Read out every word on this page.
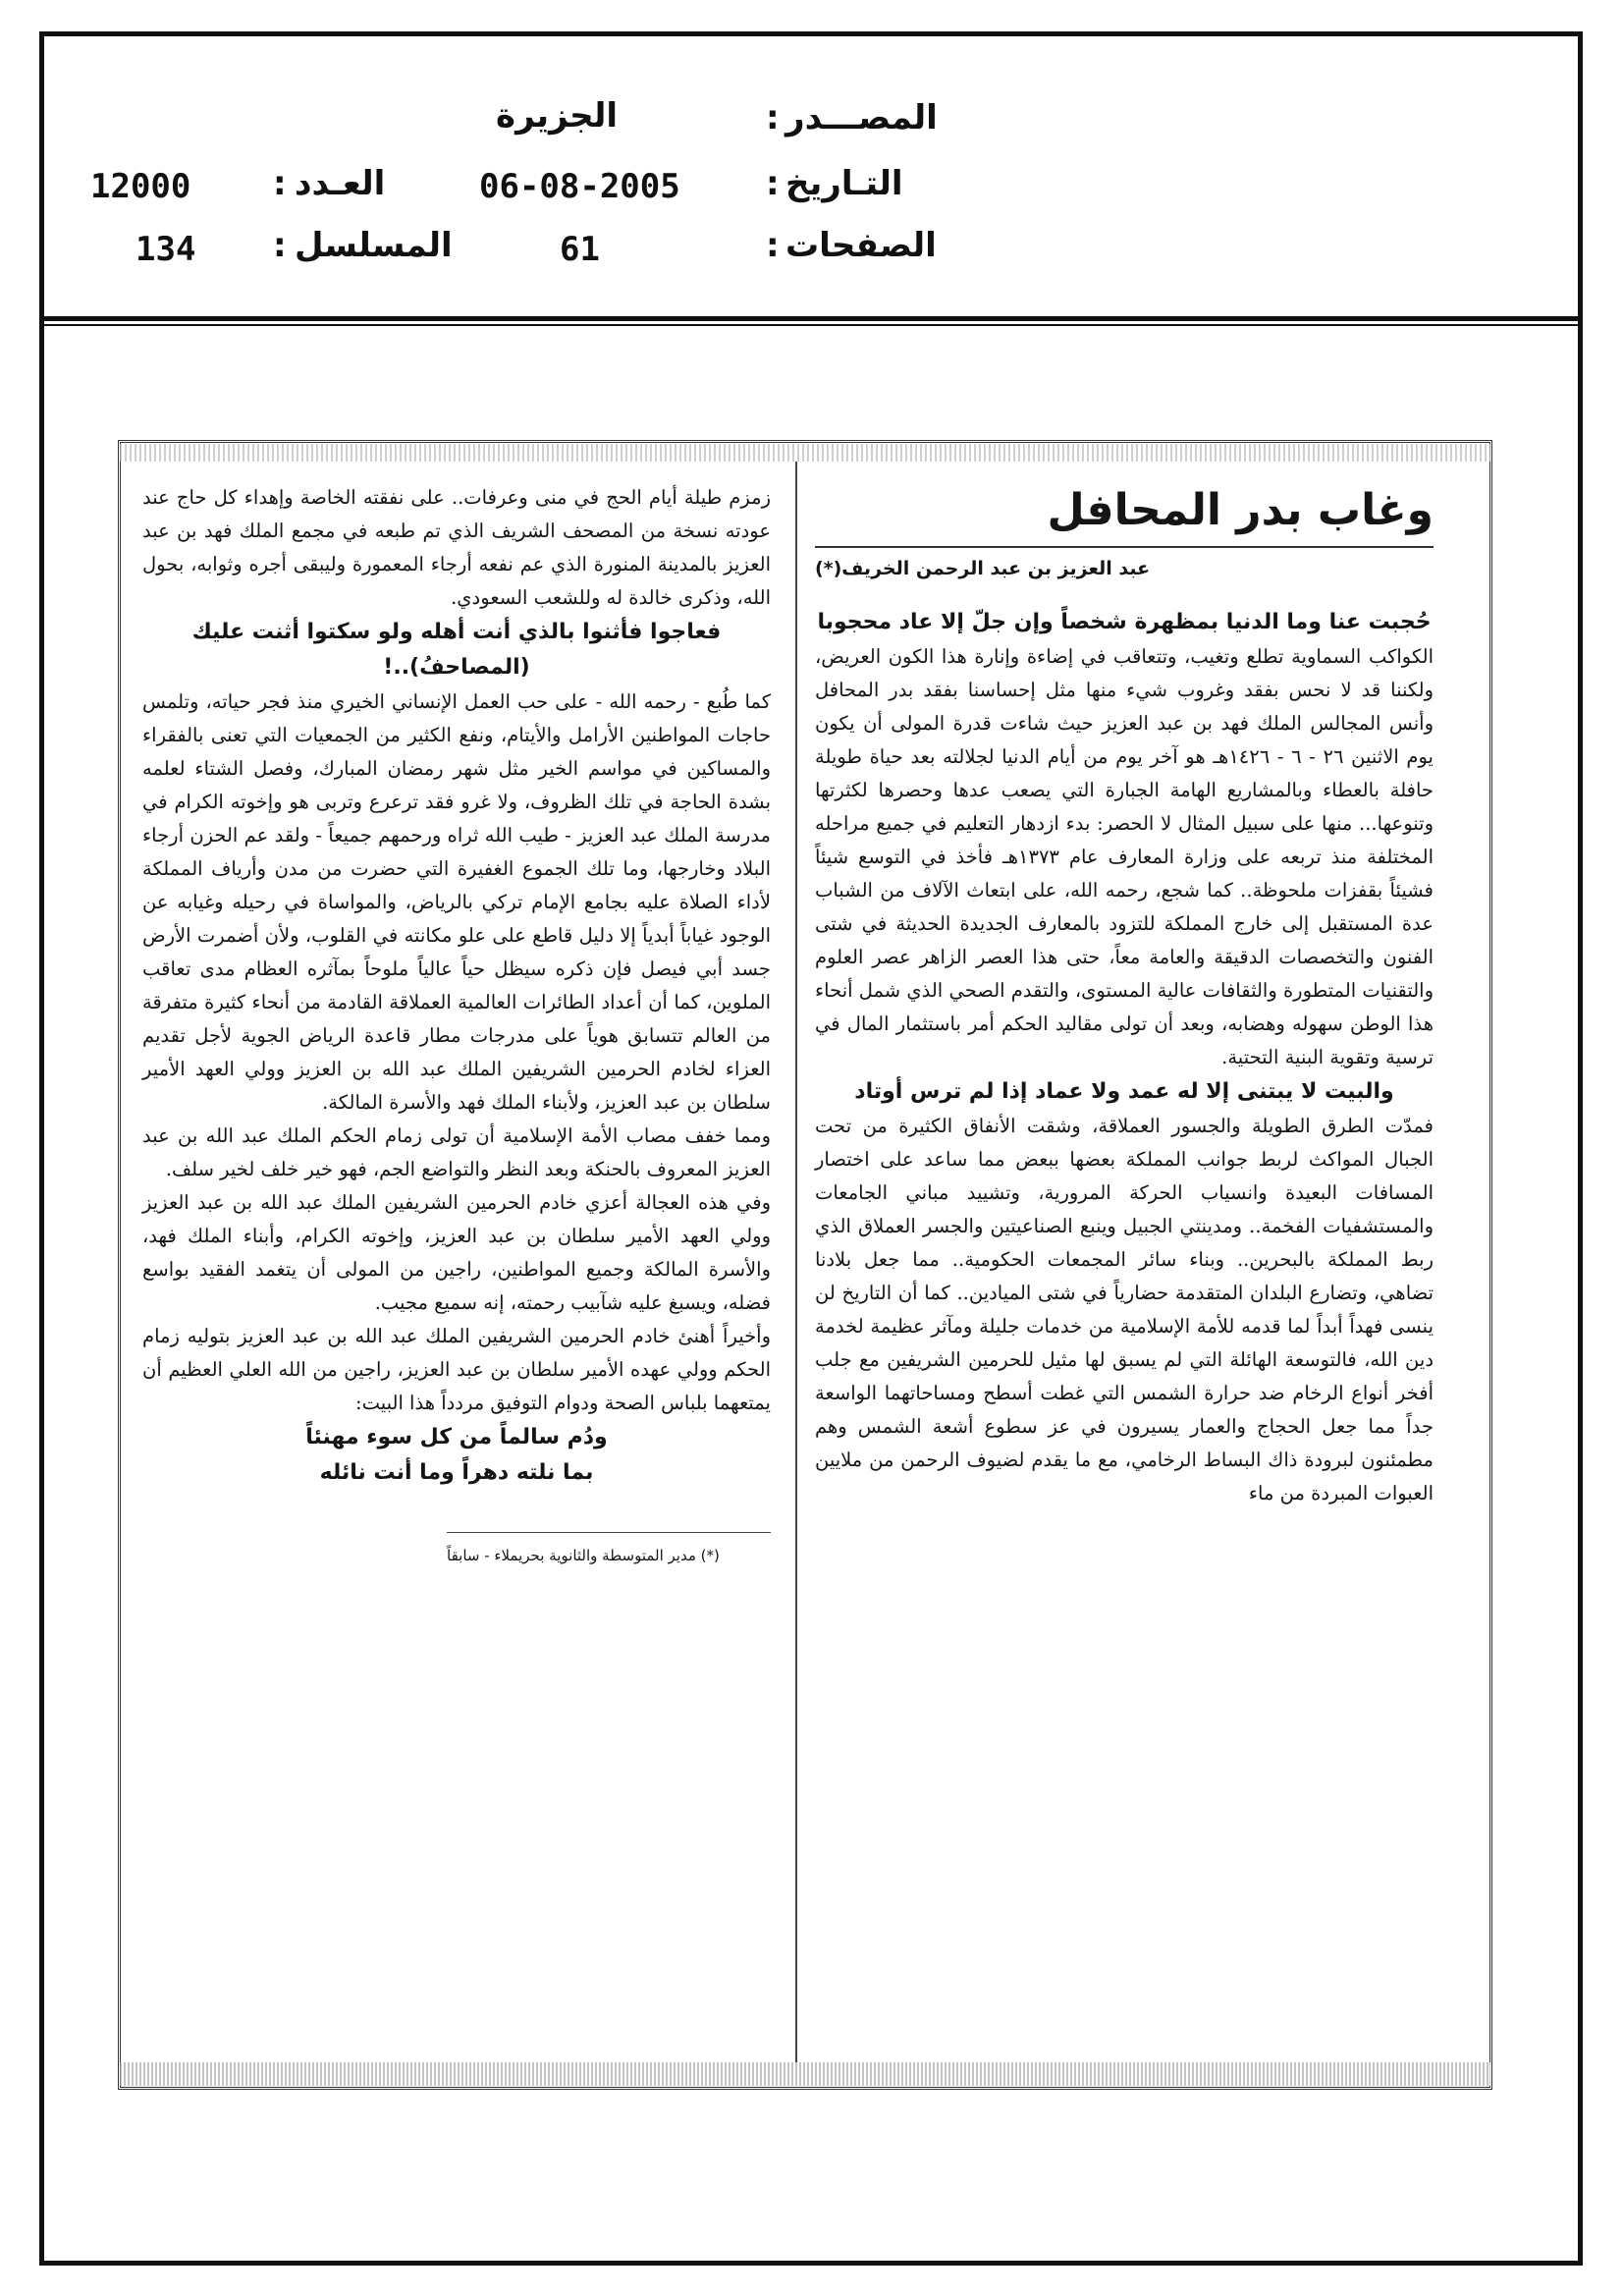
المصـــدر
:
الجزيرة
التـاريخ
:
06-08-2005
الصفحات
:
61
العـدد
:
12000
المسلسل
:
134

وغاب بدر المحافل

عبد العزيز بن عبد الرحمن الخريف(*)

حُجبت عنا وما الدنيا بمظهرة شخصاً وإن جلّ إلا عاد محجوبا

الكواكب السماوية تطلع وتغيب، وتتعاقب في إضاءة وإنارة هذا الكون العريض، ولكننا قد لا نحس بفقد وغروب شيء منها مثل إحساسنا بفقد بدر المحافل وأنس المجالس الملك فهد بن عبد العزيز حيث شاءت قدرة المولى أن يكون يوم الاثنين ٢٦ - ٦ - ١٤٢٦هـ هو آخر يوم من أيام الدنيا لجلالته بعد حياة طويلة حافلة بالعطاء وبالمشاريع الهامة الجبارة التي يصعب عدها وحصرها لكثرتها وتنوعها... منها على سبيل المثال لا الحصر: بدء ازدهار التعليم في جميع مراحله المختلفة منذ تربعه على وزارة المعارف عام ١٣٧٣هـ فأخذ في التوسع شيئاً فشيئاً بقفزات ملحوظة.. كما شجع، رحمه الله، على ابتعاث الآلاف من الشباب عدة المستقبل إلى خارج المملكة للتزود بالمعارف الجديدة الحديثة في شتى الفنون والتخصصات الدقيقة والعامة معاً، حتى هذا العصر الزاهر عصر العلوم والتقنيات المتطورة والثقافات عالية المستوى، والتقدم الصحي الذي شمل أنحاء هذا الوطن سهوله وهضابه، وبعد أن تولى مقاليد الحكم أمر باستثمار المال في ترسية وتقوية البنية التحتية.

والبيت لا يبتنى إلا له عمد ولا عماد إذا لم ترس أوتاد

فمدّت الطرق الطويلة والجسور العملاقة، وشقت الأنفاق الكثيرة من تحت الجبال المواكث لربط جوانب المملكة بعضها ببعض مما ساعد على اختصار المسافات البعيدة وانسياب الحركة المرورية، وتشييد مباني الجامعات والمستشفيات الفخمة.. ومدينتي الجبيل وينبع الصناعيتين والجسر العملاق الذي ربط المملكة بالبحرين.. وبناء سائر المجمعات الحكومية.. مما جعل بلادنا تضاهي، وتضارع البلدان المتقدمة حضارياً في شتى الميادين.. كما أن التاريخ لن ينسى فهداً أبداً لما قدمه للأمة الإسلامية من خدمات جليلة ومآثر عظيمة لخدمة دين الله، فالتوسعة الهائلة التي لم يسبق لها مثيل للحرمين الشريفين مع جلب أفخر أنواع الرخام ضد حرارة الشمس التي غطت أسطح ومساحاتهما الواسعة جداً مما جعل الحجاج والعمار يسيرون في عز سطوع أشعة الشمس وهم مطمئنون لبرودة ذاك البساط الرخامي، مع ما يقدم لضيوف الرحمن من ملايين العبوات المبردة من ماء

زمزم طيلة أيام الحج في منى وعرفات.. على نفقته الخاصة وإهداء كل حاج عند عودته نسخة من المصحف الشريف الذي تم طبعه في مجمع الملك فهد بن عبد العزيز بالمدينة المنورة الذي عم نفعه أرجاء المعمورة وليبقى أجره وثوابه، بحول الله، وذكرى خالدة له وللشعب السعودي.

فعاجوا فأثنوا بالذي أنت أهله ولو سكتوا أثنت عليك (المصاحفُ)..!

كما طُبع - رحمه الله - على حب العمل الإنساني الخيري منذ فجر حياته، وتلمس حاجات المواطنين الأرامل والأيتام، ونفع الكثير من الجمعيات التي تعنى بالفقراء والمساكين في مواسم الخير مثل شهر رمضان المبارك، وفصل الشتاء لعلمه بشدة الحاجة في تلك الظروف، ولا غرو فقد ترعرع وتربى هو وإخوته الكرام في مدرسة الملك عبد العزيز - طيب الله ثراه ورحمهم جميعاً - ولقد عم الحزن أرجاء البلاد وخارجها، وما تلك الجموع الغفيرة التي حضرت من مدن وأرياف المملكة لأداء الصلاة عليه بجامع الإمام تركي بالرياض، والمواساة في رحيله وغيابه عن الوجود غياباً أبدياً إلا دليل قاطع على علو مكانته في القلوب، ولأن أضمرت الأرض جسد أبي فيصل فإن ذكره سيظل حياً عالياً ملوحاً بمآثره العظام مدى تعاقب الملوين، كما أن أعداد الطائرات العالمية العملاقة القادمة من أنحاء كثيرة متفرقة من العالم تتسابق هوياً على مدرجات مطار قاعدة الرياض الجوية لأجل تقديم العزاء لخادم الحرمين الشريفين الملك عبد الله بن العزيز وولي العهد الأمير سلطان بن عبد العزيز، ولأبناء الملك فهد والأسرة المالكة.

ومما خفف مصاب الأمة الإسلامية أن تولى زمام الحكم الملك عبد الله بن عبد العزيز المعروف بالحنكة وبعد النظر والتواضع الجم، فهو خير خلف لخير سلف.

وفي هذه العجالة أعزي خادم الحرمين الشريفين الملك عبد الله بن عبد العزيز وولي العهد الأمير سلطان بن عبد العزيز، وإخوته الكرام، وأبناء الملك فهد، والأسرة المالكة وجميع المواطنين، راجين من المولى أن يتغمد الفقيد بواسع فضله، ويسبغ عليه شآبيب رحمته، إنه سميع مجيب.

وأخيراً أهنئ خادم الحرمين الشريفين الملك عبد الله بن عبد العزيز بتوليه زمام الحكم وولي عهده الأمير سلطان بن عبد العزيز، راجين من الله العلي العظيم أن يمتعهما بلباس الصحة ودوام التوفيق مردداً هذا البيت:

ودُم سالماً من كل سوء مهنئاً

بما نلته دهراً وما أنت نائله

(*) مدير المتوسطة والثانوية بحريملاء - سابقاً
